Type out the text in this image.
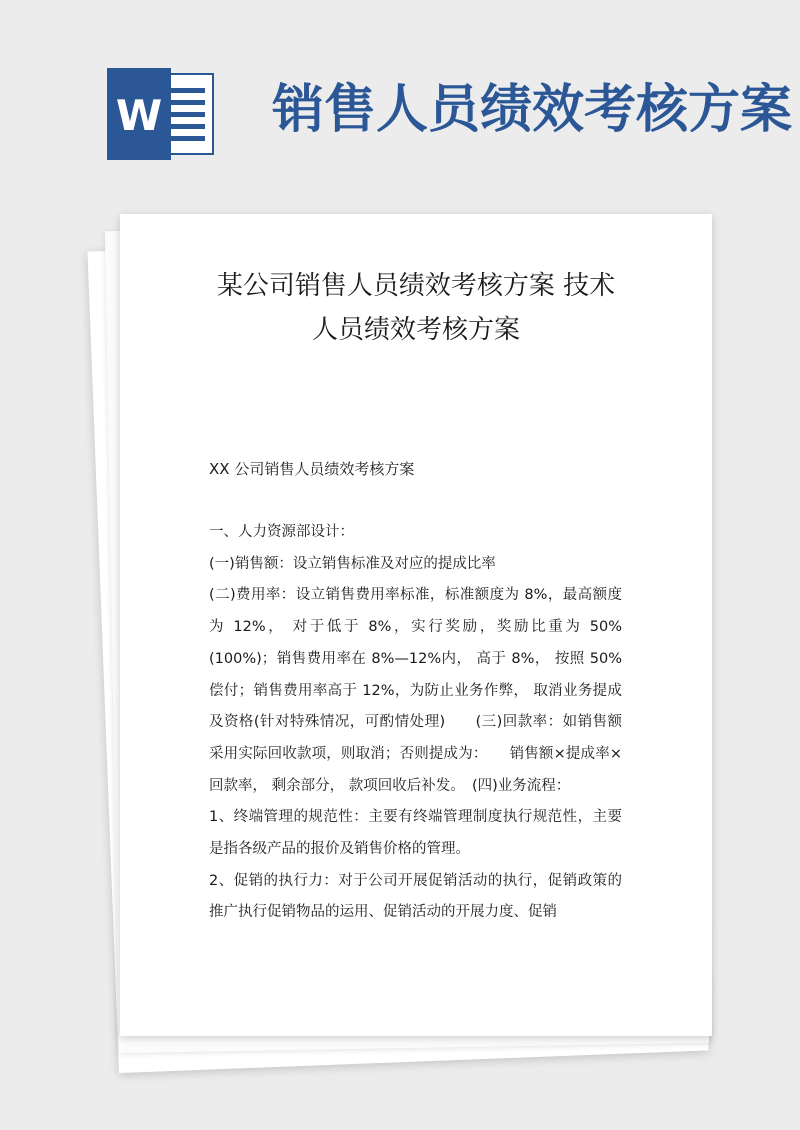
W 销售人员绩效考核方案
某公司销售人员绩效考核方案 技术
人员绩效考核方案

XX 公司销售人员绩效考核方案

一、人力资源部设计：

(一)销售额：设立销售标准及对应的提成比率

(二)费用率：设立销售费用率标准，标准额度为 8%，最高额度为 12%， 对于低于 8%，实行奖励，奖励比重为 50%(100%)；销售费用率在 8%—12%内， 高于 8%， 按照 50%偿付；销售费用率高于 12%，为防止业务作弊， 取消业务提成及资格(针对特殊情况，可酌情处理)　　(三)回款率：如销售额采用实际回收款项，则取消；否则提成为：　　销售额×提成率×回款率， 剩余部分， 款项回收后补发。　(四)业务流程：

1、终端管理的规范性：主要有终端管理制度执行规范性，主要是指各级产品的报价及销售价格的管理。

2、促销的执行力：对于公司开展促销活动的执行，促销政策的推广执行促销物品的运用、促销活动的开展力度、促销
